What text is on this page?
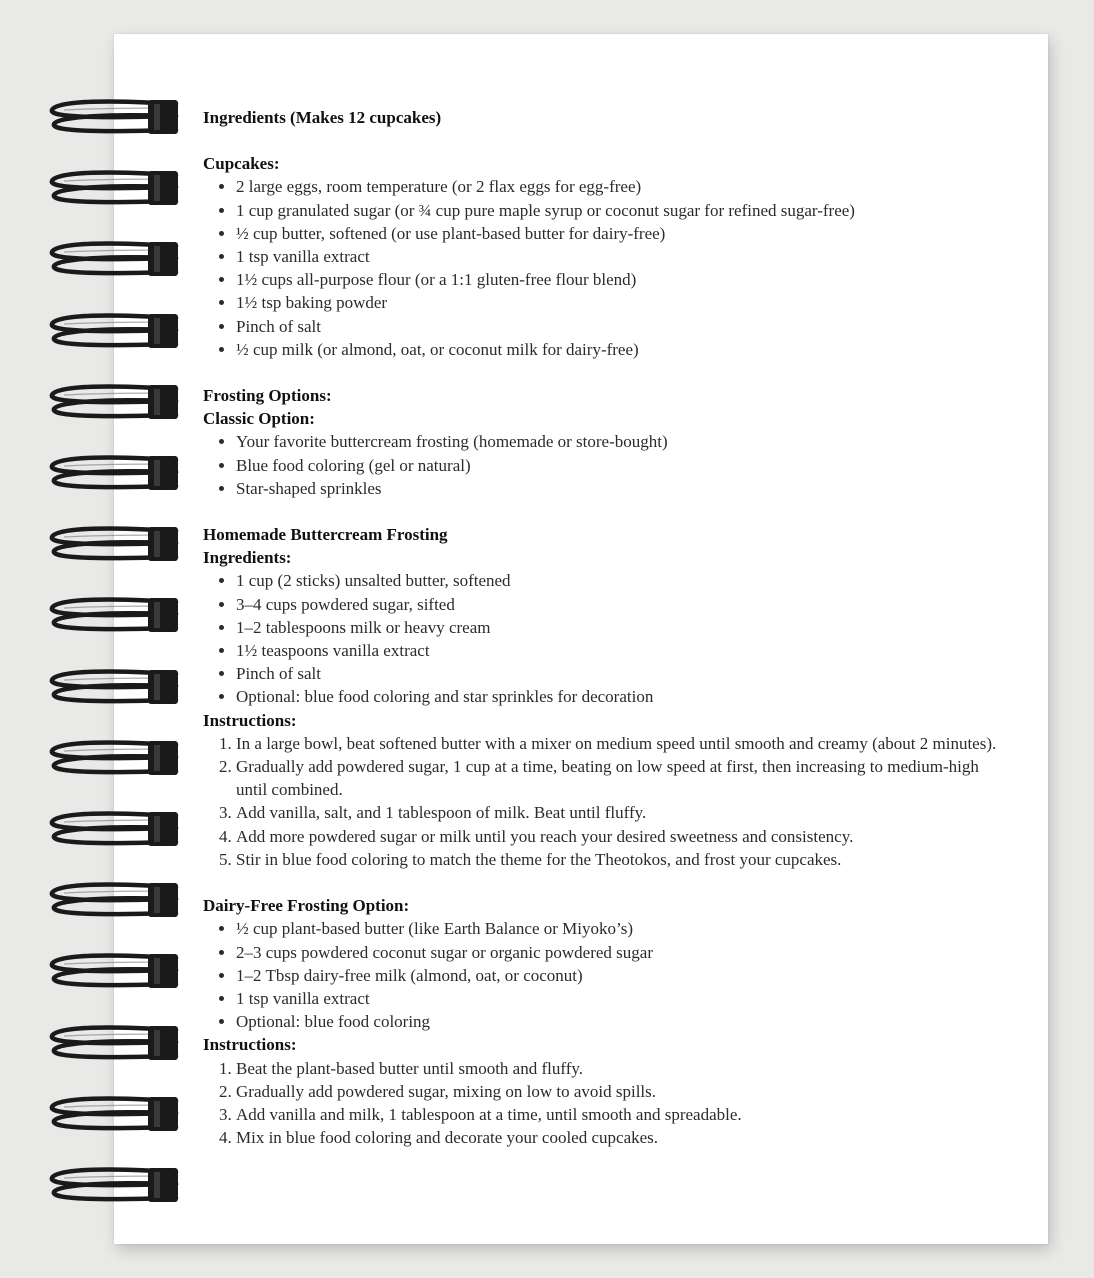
Ingredients (Makes 12 cupcakes)

Cupcakes:

• 2 large eggs, room temperature (or 2 flax eggs for egg-free)
• 1 cup granulated sugar (or ¾ cup pure maple syrup or coconut sugar for refined sugar-free)
• ½ cup butter, softened (or use plant-based butter for dairy-free)
• 1 tsp vanilla extract
• 1½ cups all-purpose flour (or a 1:1 gluten-free flour blend)
• 1½ tsp baking powder
• Pinch of salt
• ½ cup milk (or almond, oat, or coconut milk for dairy-free)

Frosting Options:

Classic Option:

• Your favorite buttercream frosting (homemade or store-bought)
• Blue food coloring (gel or natural)
• Star-shaped sprinkles

Homemade Buttercream Frosting

Ingredients:

• 1 cup (2 sticks) unsalted butter, softened
• 3–4 cups powdered sugar, sifted
• 1–2 tablespoons milk or heavy cream
• 1½ teaspoons vanilla extract
• Pinch of salt
• Optional: blue food coloring and star sprinkles for decoration

Instructions:

1. In a large bowl, beat softened butter with a mixer on medium speed until smooth and creamy (about 2 minutes).
2. Gradually add powdered sugar, 1 cup at a time, beating on low speed at first, then increasing to medium-high until combined.
3. Add vanilla, salt, and 1 tablespoon of milk. Beat until fluffy.
4. Add more powdered sugar or milk until you reach your desired sweetness and consistency.
5. Stir in blue food coloring to match the theme for the Theotokos, and frost your cupcakes.

Dairy-Free Frosting Option:

• ½ cup plant-based butter (like Earth Balance or Miyoko’s)
• 2–3 cups powdered coconut sugar or organic powdered sugar
• 1–2 Tbsp dairy-free milk (almond, oat, or coconut)
• 1 tsp vanilla extract
• Optional: blue food coloring

Instructions:

1. Beat the plant-based butter until smooth and fluffy.
2. Gradually add powdered sugar, mixing on low to avoid spills.
3. Add vanilla and milk, 1 tablespoon at a time, until smooth and spreadable.
4. Mix in blue food coloring and decorate your cooled cupcakes.
